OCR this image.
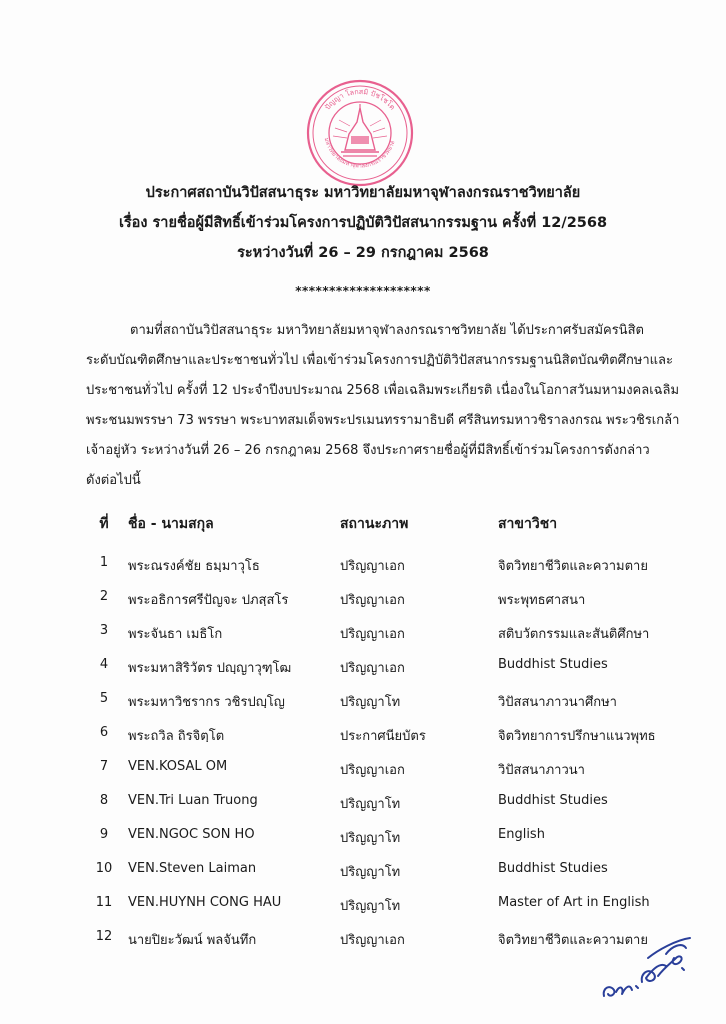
ปัญญา โลกสมิ ปัชโชโต
มหาวิทยาลัยมหาจุฬาลงกรณราชวิทยาลั
ประกาศสถาบันวิปัสสนาธุระ มหาวิทยาลัยมหาจุฬาลงกรณราชวิทยาลัย
เรื่อง รายชื่อผู้มีสิทธิ์เข้าร่วมโครงการปฏิบัติวิปัสสนากรรมฐาน ครั้งที่ 12/2568
ระหว่างวันที่ 26 – 29 กรกฎาคม 2568
********************
ตามที่สถาบันวิปัสสนาธุระ มหาวิทยาลัยมหาจุฬาลงกรณราชวิทยาลัย ได้ประกาศรับสมัครนิสิต
ระดับบัณฑิตศึกษาและประชาชนทั่วไป เพื่อเข้าร่วมโครงการปฏิบัติวิปัสสนากรรมฐานนิสิตบัณฑิตศึกษาและ
ประชาชนทั่วไป ครั้งที่ 12 ประจำปีงบประมาณ 2568 เพื่อเฉลิมพระเกียรติ เนื่องในโอกาสวันมหามงคลเฉลิม
พระชนมพรรษา 73 พรรษา พระบาทสมเด็จพระปรเมนทรรามาธิบดี ศรีสินทรมหาวชิราลงกรณ พระวชิรเกล้า
เจ้าอยู่หัว ระหว่างวันที่ 26 – 26 กรกฎาคม 2568 จึงประกาศรายชื่อผู้ที่มีสิทธิ์เข้าร่วมโครงการดังกล่าว
ดังต่อไปนี้
ที่	ชื่อ - นามสกุล	สถานะภาพ	สาขาวิชา
1	พระณรงค์ชัย ธมฺมาวุโธ	ปริญญาเอก	จิตวิทยาชีวิตและความตาย
2	พระอธิการศรีปัญจะ ปภสฺสโร	ปริญญาเอก	พระพุทธศาสนา
3	พระจันธา เมธิโก	ปริญญาเอก	สติบวัตกรรมและสันติศึกษา
4	พระมหาสิริวัตร ปญฺญาวุฑฺโฒ	ปริญญาเอก	Buddhist Studies
5	พระมหาวิชรากร วชิรปญฺโญ	ปริญญาโท	วิปัสสนาภาวนาศึกษา
6	พระถวิล ถิรจิตฺโต	ประกาศนียบัตร	จิตวิทยาการปรึกษาแนวพุทธ
7	VEN.KOSAL OM	ปริญญาเอก	วิปัสสนาภาวนา
8	VEN.Tri Luan Truong	ปริญญาโท	Buddhist Studies
9	VEN.NGOC SON HO	ปริญญาโท	English
10	VEN.Steven Laiman	ปริญญาโท	Buddhist Studies
11	VEN.HUYNH CONG HAU	ปริญญาโท	Master of Art in English
12	นายปิยะวัฒน์ พลจันทึก	ปริญญาเอก	จิตวิทยาชีวิตและความตาย
